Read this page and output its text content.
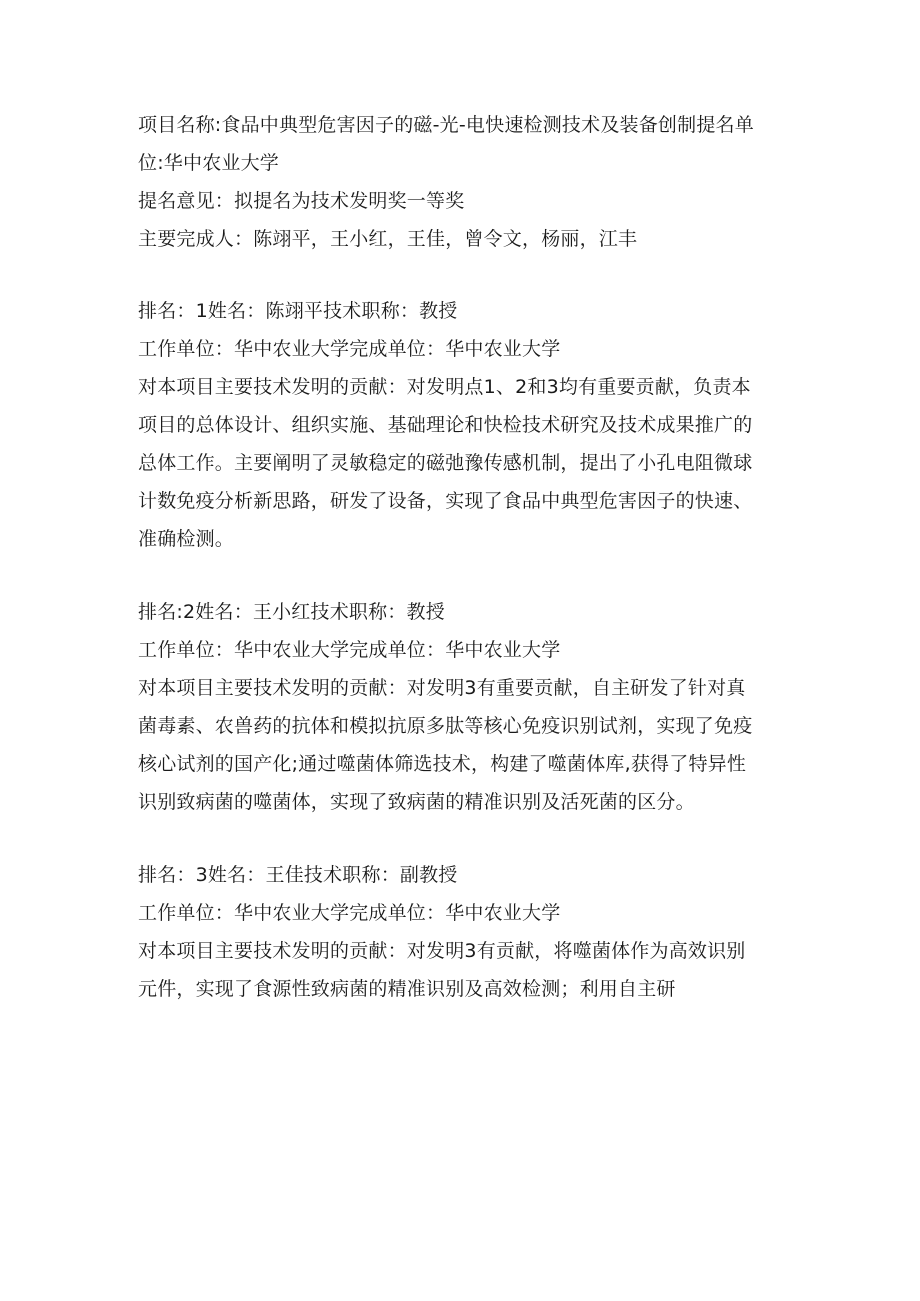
项目名称:食品中典型危害因子的磁-光-电快速检测技术及装备创制提名单
位:华中农业大学
提名意见：拟提名为技术发明奖一等奖
主要完成人：陈翊平，王小红，王佳，曾令文，杨丽，江丰
排名：1姓名：陈翊平技术职称：教授
工作单位：华中农业大学完成单位：华中农业大学
对本项目主要技术发明的贡献：对发明点1、2和3均有重要贡献，负责本
项目的总体设计、组织实施、基础理论和快检技术研究及技术成果推广的
总体工作。主要阐明了灵敏稳定的磁弛豫传感机制，提出了小孔电阻微球
计数免疫分析新思路，研发了设备，实现了食品中典型危害因子的快速、
准确检测。
排名:2姓名：王小红技术职称：教授
工作单位：华中农业大学完成单位：华中农业大学
对本项目主要技术发明的贡献：对发明3有重要贡献，自主研发了针对真
菌毒素、农兽药的抗体和模拟抗原多肽等核心免疫识别试剂，实现了免疫
核心试剂的国产化;通过噬菌体筛选技术，构建了噬菌体库,获得了特异性
识别致病菌的噬菌体，实现了致病菌的精准识别及活死菌的区分。
排名：3姓名：王佳技术职称：副教授
工作单位：华中农业大学完成单位：华中农业大学
对本项目主要技术发明的贡献：对发明3有贡献，将噬菌体作为高效识别
元件，实现了食源性致病菌的精准识别及高效检测；利用自主研
